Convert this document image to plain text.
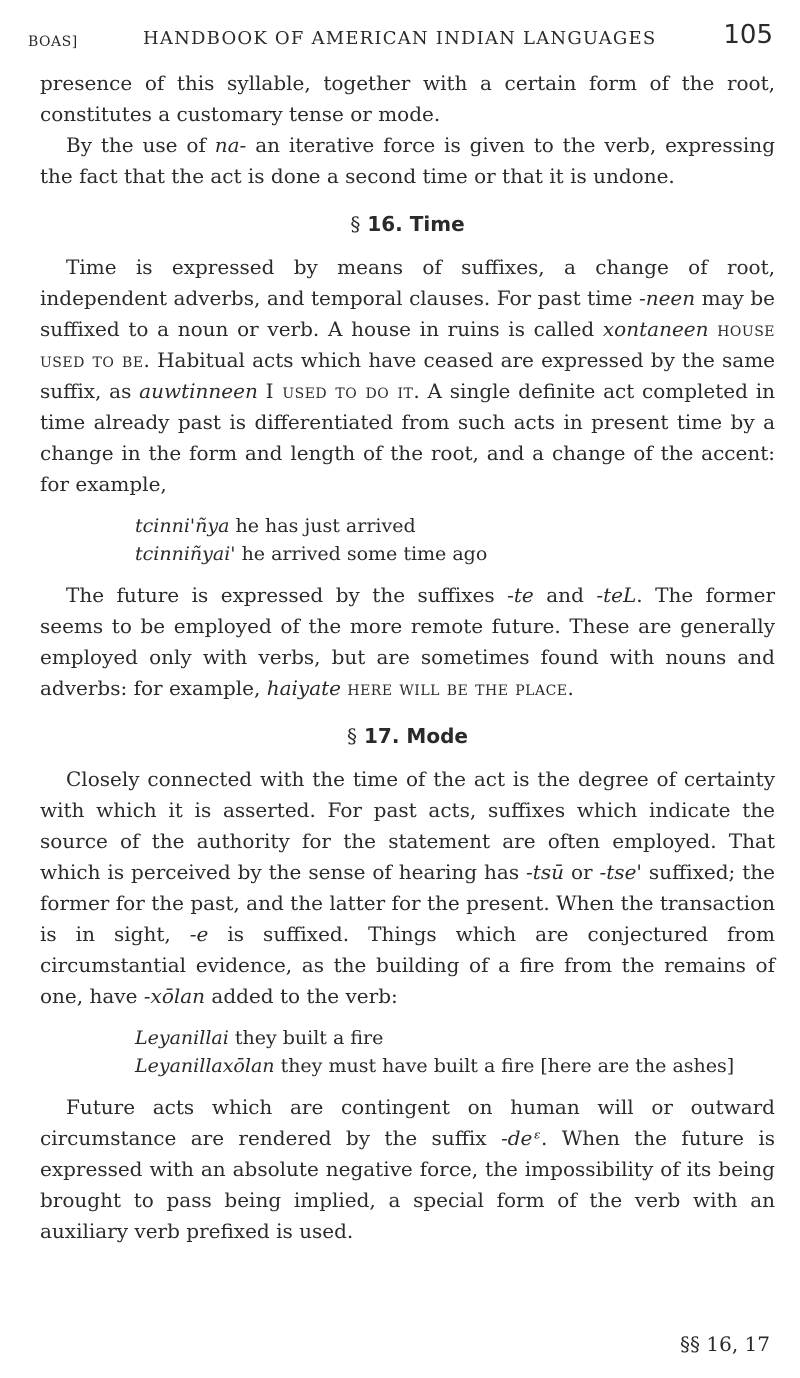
BOAS]	HANDBOOK OF AMERICAN INDIAN LANGUAGES	105

presence of this syllable, together with a certain form of the root, constitutes a customary tense or mode.

By the use of na- an iterative force is given to the verb, expressing the fact that the act is done a second time or that it is undone.

§ 16. Time

Time is expressed by means of suffixes, a change of root, independent adverbs, and temporal clauses. For past time -neen may be suffixed to a noun or verb. A house in ruins is called xontaneen house used to be. Habitual acts which have ceased are expressed by the same suffix, as auwtinneen I used to do it. A single definite act completed in time already past is differentiated from such acts in present time by a change in the form and length of the root, and a change of the accent: for example,

tcinni'ñya he has just arrived
tcinniñyai' he arrived some time ago

The future is expressed by the suffixes -te and -teL. The former seems to be employed of the more remote future. These are generally employed only with verbs, but are sometimes found with nouns and adverbs: for example, haiyate here will be the place.

§ 17. Mode

Closely connected with the time of the act is the degree of certainty with which it is asserted. For past acts, suffixes which indicate the source of the authority for the statement are often employed. That which is perceived by the sense of hearing has -tsū or -tse' suffixed; the former for the past, and the latter for the present. When the transaction is in sight, -e is suffixed. Things which are conjectured from circumstantial evidence, as the building of a fire from the remains of one, have -xōlan added to the verb:

Leyanillai they built a fire
Leyanillaxōlan they must have built a fire [here are the ashes]

Future acts which are contingent on human will or outward circumstance are rendered by the suffix -deᵋ. When the future is expressed with an absolute negative force, the impossibility of its being brought to pass being implied, a special form of the verb with an auxiliary verb prefixed is used.

§§ 16, 17
